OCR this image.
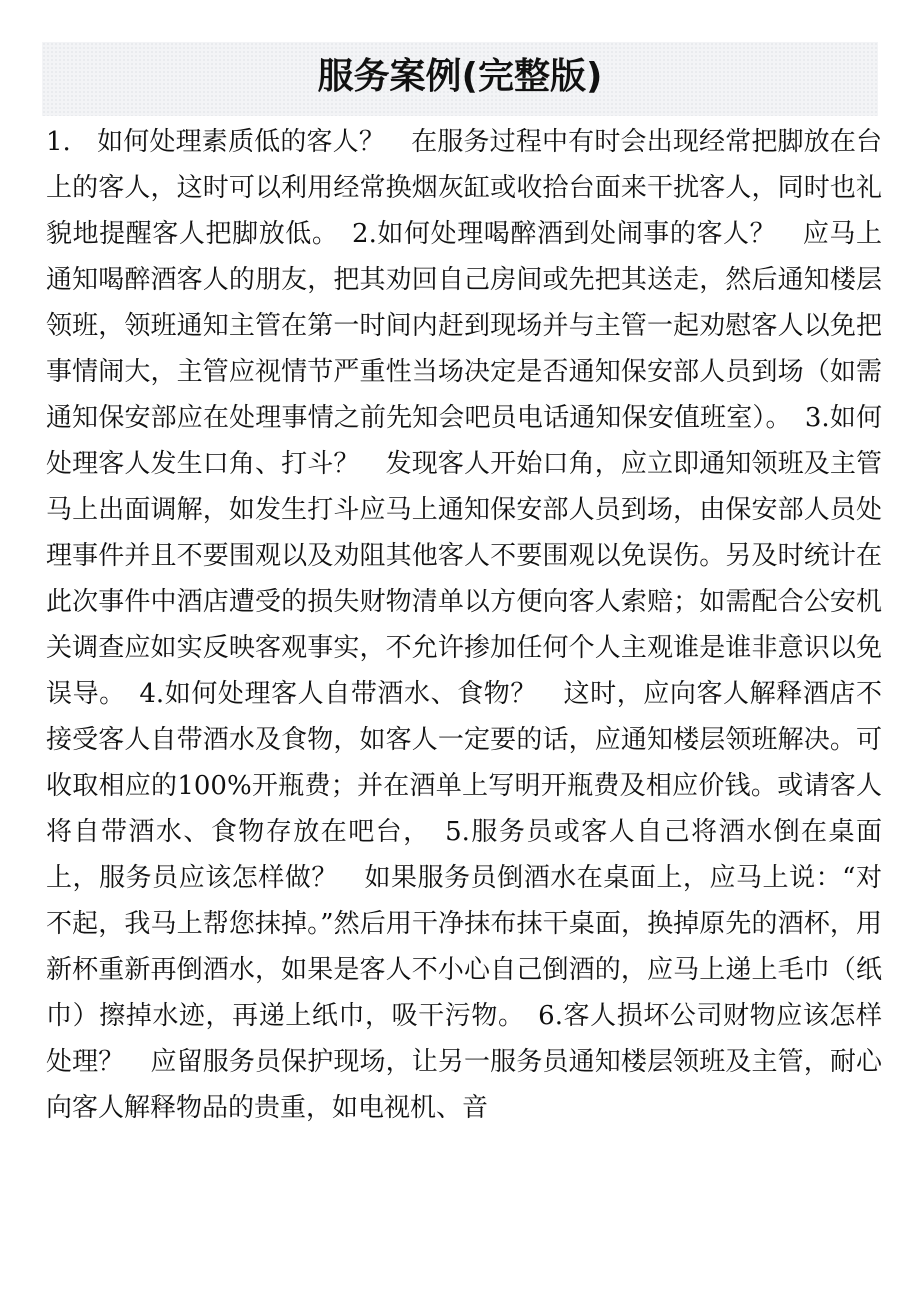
服务案例(完整版)

1.　如何处理素质低的客人？　在服务过程中有时会出现经常把脚放在台上的客人，这时可以利用经常换烟灰缸或收拾台面来干扰客人，同时也礼貌地提醒客人把脚放低。　2.如何处理喝醉酒到处闹事的客人？　应马上通知喝醉酒客人的朋友，把其劝回自己房间或先把其送走，然后通知楼层领班，领班通知主管在第一时间内赶到现场并与主管一起劝慰客人以免把事情闹大，主管应视情节严重性当场决定是否通知保安部人员到场（如需通知保安部应在处理事情之前先知会吧员电话通知保安值班室）。　3.如何处理客人发生口角、打斗？　发现客人开始口角，应立即通知领班及主管马上出面调解，如发生打斗应马上通知保安部人员到场，由保安部人员处理事件并且不要围观以及劝阻其他客人不要围观以免误伤。另及时统计在此次事件中酒店遭受的损失财物清单以方便向客人索赔；如需配合公安机关调查应如实反映客观事实，不允许掺加任何个人主观谁是谁非意识以免误导。　4.如何处理客人自带酒水、食物？　这时，应向客人解释酒店不接受客人自带酒水及食物，如客人一定要的话，应通知楼层领班解决。可收取相应的100%开瓶费；并在酒单上写明开瓶费及相应价钱。或请客人将自带酒水、食物存放在吧台，　5.服务员或客人自己将酒水倒在桌面上，服务员应该怎样做？　如果服务员倒酒水在桌面上，应马上说：“对不起，我马上帮您抹掉。”然后用干净抹布抹干桌面，换掉原先的酒杯，用新杯重新再倒酒水，如果是客人不小心自己倒酒的，应马上递上毛巾（纸巾）擦掉水迹，再递上纸巾，吸干污物。　6.客人损坏公司财物应该怎样处理？　应留服务员保护现场，让另一服务员通知楼层领班及主管，耐心向客人解释物品的贵重，如电视机、音
